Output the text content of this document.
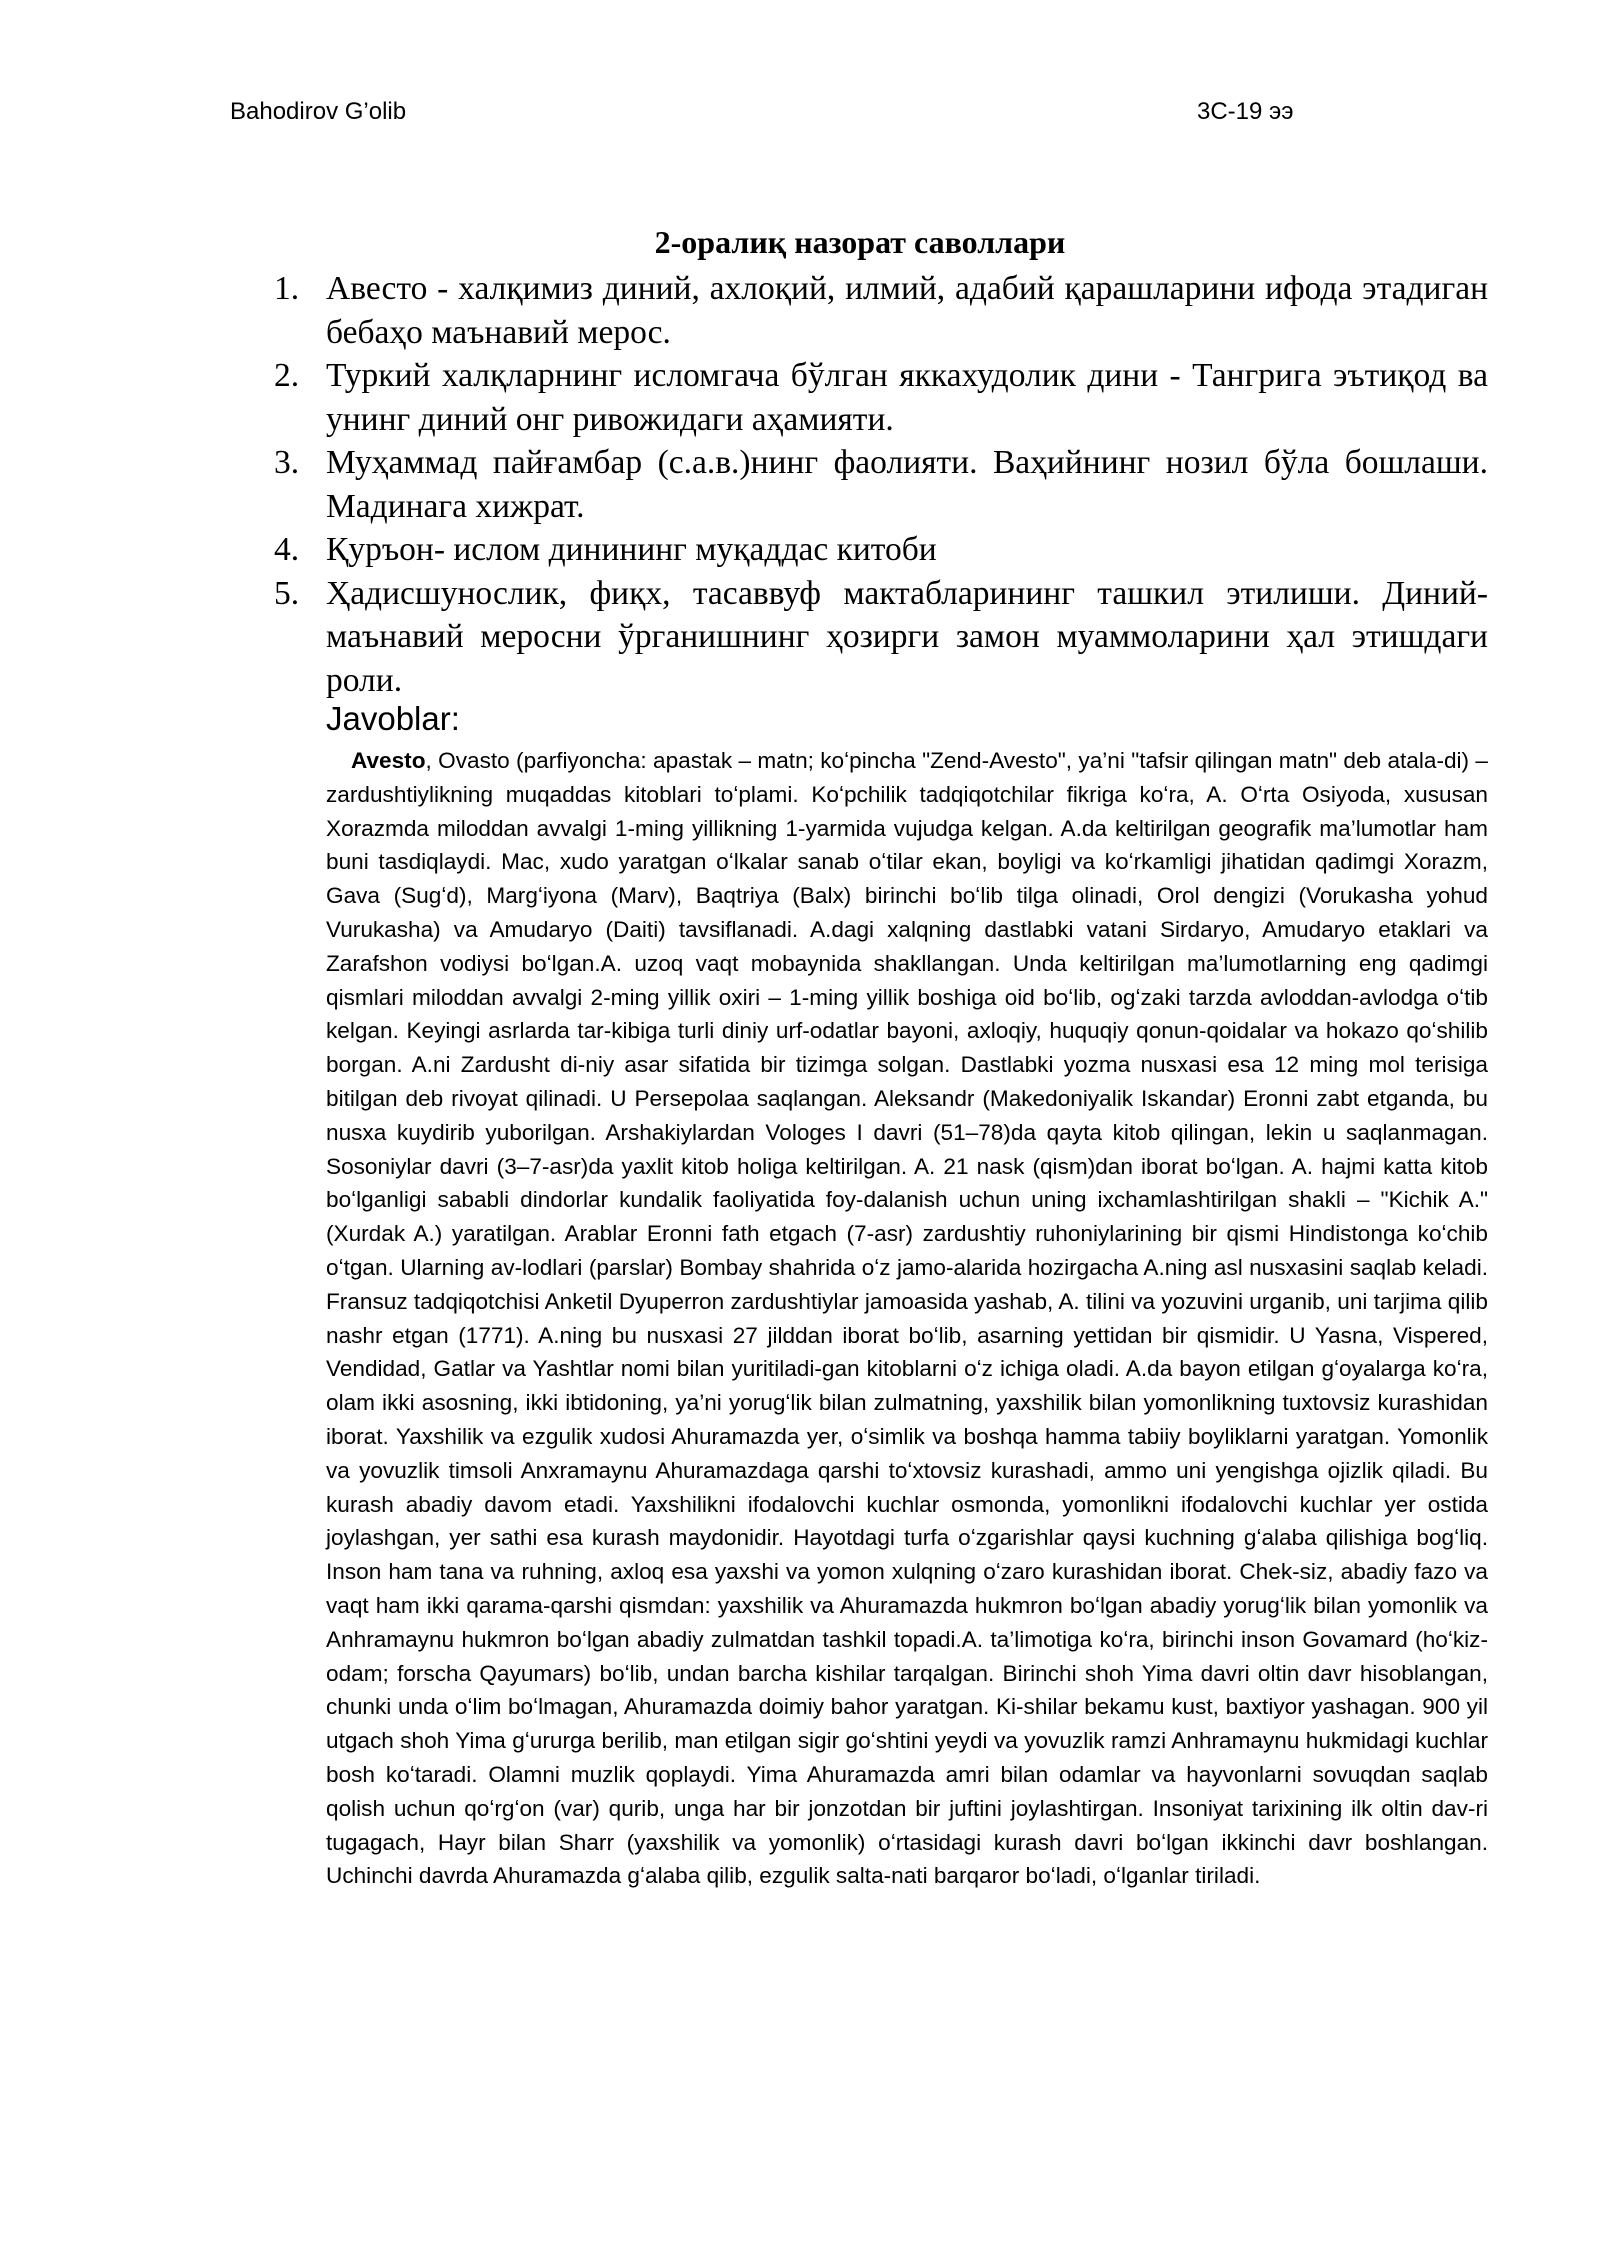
Bahodirov G’olib	3C-19 ээ
2-оралиқ назорат саволлари
1. Авесто - халқимиз диний, ахлоқий, илмий, адабий қарашларини ифода этадиган бебаҳо маънавий мерос.
2. Туркий халқларнинг исломгача бўлган яккахудолик дини - Тангрига эътиқод ва унинг диний онг ривожидаги аҳамияти.
3. Муҳаммад пайғамбар (с.а.в.)нинг фаолияти. Ваҳийнинг нозил бўла бошлаши. Мадинага хижрат.
4. Қуръон- ислом динининг муқаддас китоби
5. Ҳадисшунослик, фиқх, тасаввуф мактабларининг ташкил этилиши. Диний-маънавий меросни ўрганишнинг ҳозирги замон муаммоларини ҳал этишдаги роли.
Javoblar:

Avesto, Ovasto (parfiyoncha: apastak – matn; koʻpincha "Zend-Avesto", ya’ni "tafsir qilingan matn" deb atala-di) – zardushtiylikning muqaddas kitoblari toʻplami. Koʻpchilik tadqiqotchilar fikriga koʻra, A. Oʻrta Osiyoda, xususan Xorazmda miloddan avvalgi 1-ming yillikning 1-yarmida vujudga kelgan. A.da keltirilgan geografik ma’lumotlar ham buni tasdiqlaydi. Mac, xudo yaratgan oʻlkalar sanab oʻtilar ekan, boyligi va koʻrkamligi jihatidan qadimgi Xorazm, Gava (Sugʻd), Margʻiyona (Marv), Baqtriya (Balx) birinchi boʻlib tilga olinadi, Orol dengizi (Vorukasha yohud Vurukasha) va Amudaryo (Daiti) tavsiflanadi. A.dagi xalqning dastlabki vatani Sirdaryo, Amudaryo etaklari va Zarafshon vodiysi boʻlgan.A. uzoq vaqt mobaynida shakllangan. Unda keltirilgan ma’lumotlarning eng qadimgi qismlari miloddan avvalgi 2-ming yillik oxiri – 1-ming yillik boshiga oid boʻlib, ogʻzaki tarzda avloddan-avlodga oʻtib kelgan. Keyingi asrlarda tar-kibiga turli diniy urf-odatlar bayoni, axloqiy, huquqiy qonun-qoidalar va hokazo qoʻshilib borgan. A.ni Zardusht di-niy asar sifatida bir tizimga solgan. Dastlabki yozma nusxasi esa 12 ming mol terisiga bitilgan deb rivoyat qilinadi. U Persepolaa saqlangan. Aleksandr (Makedoniyalik Iskandar) Eronni zabt etganda, bu nusxa kuydirib yuborilgan. Arshakiylardan Vologes I davri (51–78)da qayta kitob qilingan, lekin u saqlanmagan. Sosoniylar davri (3–7-asr)da yaxlit kitob holiga keltirilgan. A. 21 nask (qism)dan iborat boʻlgan. A. hajmi katta kitob boʻlganligi sababli dindorlar kundalik faoliyatida foy-dalanish uchun uning ixchamlashtirilgan shakli – "Kichik A." (Xurdak A.) yaratilgan. Arablar Eronni fath etgach (7-asr) zardushtiy ruhoniylarining bir qismi Hindistonga koʻchib oʻtgan. Ularning av-lodlari (parslar) Bombay shahrida oʻz jamo-alarida hozirgacha A.ning asl nusxasini saqlab keladi. Fransuz tadqiqotchisi Anketil Dyuperron zardushtiylar jamoasida yashab, A. tilini va yozuvini urganib, uni tarjima qilib nashr etgan (1771). A.ning bu nusxasi 27 jilddan iborat boʻlib, asarning yettidan bir qismidir. U Yasna, Vispered, Vendidad, Gatlar va Yashtlar nomi bilan yuritiladi-gan kitoblarni oʻz ichiga oladi. A.da bayon etilgan gʻoyalarga koʻra, olam ikki asosning, ikki ibtidoning, ya’ni yorugʻlik bilan zulmatning, yaxshilik bilan yomonlikning tuxtovsiz kurashidan iborat. Yaxshilik va ezgulik xudosi Ahuramazda yer, oʻsimlik va boshqa hamma tabiiy boyliklarni yaratgan. Yomonlik va yovuzlik timsoli Anxramaynu Ahuramazdaga qarshi toʻxtovsiz kurashadi, ammo uni yengishga ojizlik qiladi. Bu kurash abadiy davom etadi. Yaxshilikni ifodalovchi kuchlar osmonda, yomonlikni ifodalovchi kuchlar yer ostida joylashgan, yer sathi esa kurash maydonidir. Hayotdagi turfa oʻzgarishlar qaysi kuchning gʻalaba qilishiga bogʻliq. Inson ham tana va ruhning, axloq esa yaxshi va yomon xulqning oʻzaro kurashidan iborat. Chek-siz, abadiy fazo va vaqt ham ikki qarama-qarshi qismdan: yaxshilik va Ahuramazda hukmron boʻlgan abadiy yorugʻlik bilan yomonlik va Anhramaynu hukmron boʻlgan abadiy zulmatdan tashkil topadi.A. ta’limotiga koʻra, birinchi inson Govamard (hoʻkiz-odam; forscha Qayumars) boʻlib, undan barcha kishilar tarqalgan. Birinchi shoh Yima davri oltin davr hisoblangan, chunki unda oʻlim boʻlmagan, Ahuramazda doimiy bahor yaratgan. Ki-shilar bekamu kust, baxtiyor yashagan. 900 yil utgach shoh Yima gʻururga berilib, man etilgan sigir goʻshtini yeydi va yovuzlik ramzi Anhramaynu hukmidagi kuchlar bosh koʻtaradi. Olamni muzlik qoplaydi. Yima Ahuramazda amri bilan odamlar va hayvonlarni sovuqdan saqlab qolish uchun qoʻrgʻon (var) qurib, unga har bir jonzotdan bir juftini joylashtirgan. Insoniyat tarixining ilk oltin dav-ri tugagach, Hayr bilan Sharr (yaxshilik va yomonlik) oʻrtasidagi kurash davri boʻlgan ikkinchi davr boshlangan. Uchinchi davrda Ahuramazda gʻalaba qilib, ezgulik salta-nati barqaror boʻladi, oʻlganlar tiriladi.
